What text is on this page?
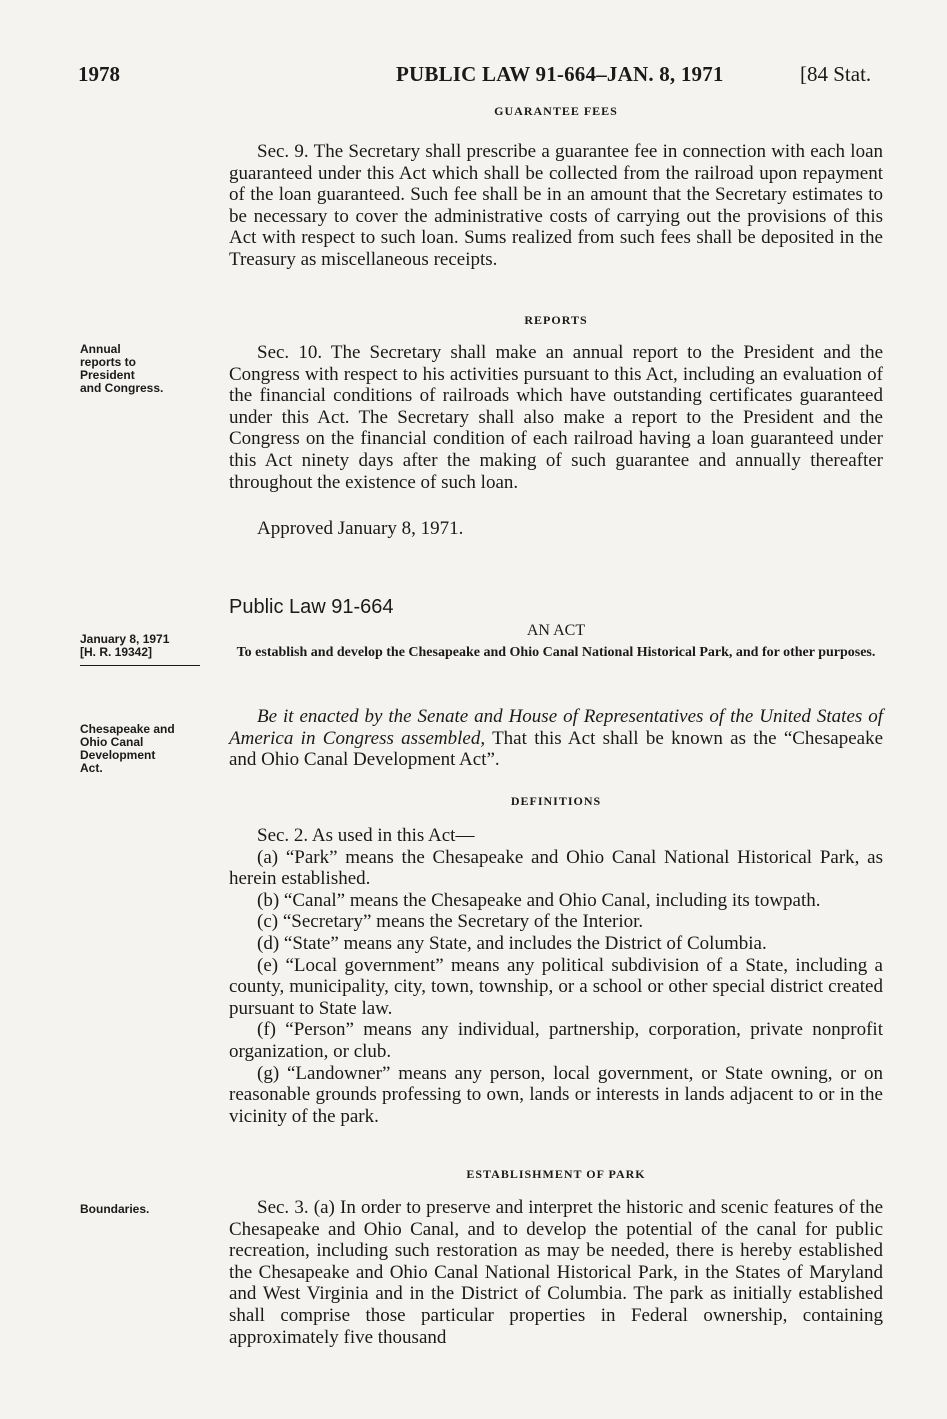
1978	PUBLIC LAW 91-664–JAN. 8, 1971	[84 Stat.
GUARANTEE FEES

Sec. 9. The Secretary shall prescribe a guarantee fee in connection with each loan guaranteed under this Act which shall be collected from the railroad upon repayment of the loan guaranteed. Such fee shall be in an amount that the Secretary estimates to be necessary to cover the administrative costs of carrying out the provisions of this Act with respect to such loan. Sums realized from such fees shall be deposited in the Treasury as miscellaneous receipts.

REPORTS
Annual
reports to
President
and Congress.

Sec. 10. The Secretary shall make an annual report to the President and the Congress with respect to his activities pursuant to this Act, including an evaluation of the financial conditions of railroads which have outstanding certificates guaranteed under this Act. The Secretary shall also make a report to the President and the Congress on the financial condition of each railroad having a loan guaranteed under this Act ninety days after the making of such guarantee and annually thereafter throughout the existence of such loan.

Approved January 8, 1971.

Public Law 91-664
January 8, 1971
[H. R. 19342]
AN ACT
To establish and develop the Chesapeake and Ohio Canal National Historical Park, and for other purposes.
Chesapeake and
Ohio Canal
Development
Act.

Be it enacted by the Senate and House of Representatives of the United States of America in Congress assembled, That this Act shall be known as the “Chesapeake and Ohio Canal Development Act”.

DEFINITIONS

Sec. 2. As used in this Act—

(a) “Park” means the Chesapeake and Ohio Canal National Historical Park, as herein established.

(b) “Canal” means the Chesapeake and Ohio Canal, including its towpath.

(c) “Secretary” means the Secretary of the Interior.

(d) “State” means any State, and includes the District of Columbia.

(e) “Local government” means any political subdivision of a State, including a county, municipality, city, town, township, or a school or other special district created pursuant to State law.

(f) “Person” means any individual, partnership, corporation, private nonprofit organization, or club.

(g) “Landowner” means any person, local government, or State owning, or on reasonable grounds professing to own, lands or interests in lands adjacent to or in the vicinity of the park.

ESTABLISHMENT OF PARK
Boundaries.	Sec. 3. (a) In order to preserve and interpret the historic and scenic features of the Chesapeake and Ohio Canal, and to develop the potential of the canal for public recreation, including such restoration as may be needed, there is hereby established the Chesapeake and Ohio Canal National Historical Park, in the States of Maryland and West Virginia and in the District of Columbia. The park as initially established shall comprise those particular properties in Federal ownership, containing approximately five thousand
